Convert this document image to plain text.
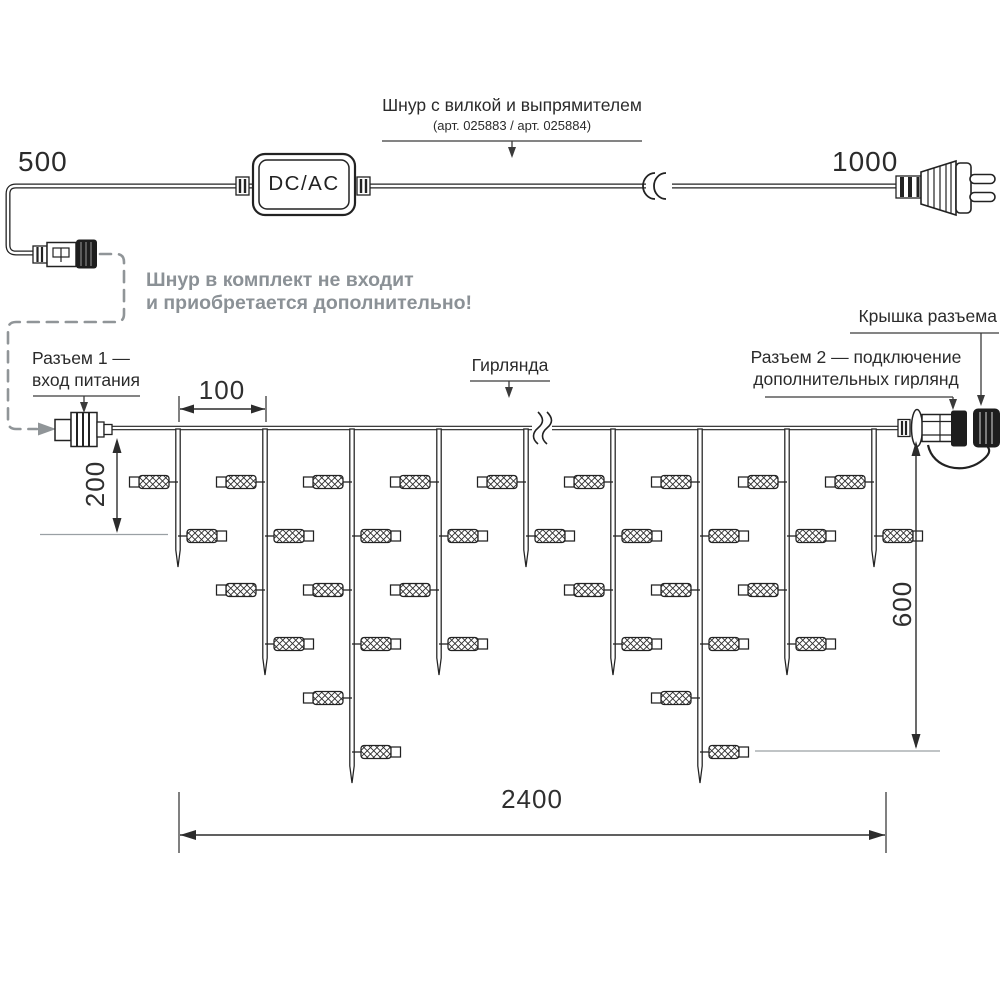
500	1000
Шнур с вилкой и выпрямителем
(арт. 025883 / арт. 025884)
DC/AC
Шнур в комплект не входит
и приобретается дополнительно!
Разъем 1 —
вход питания
Гирлянда	Разъем 2 — подключение
дополнительных гирлянд
Крышка разъема
100
200
600
2400
